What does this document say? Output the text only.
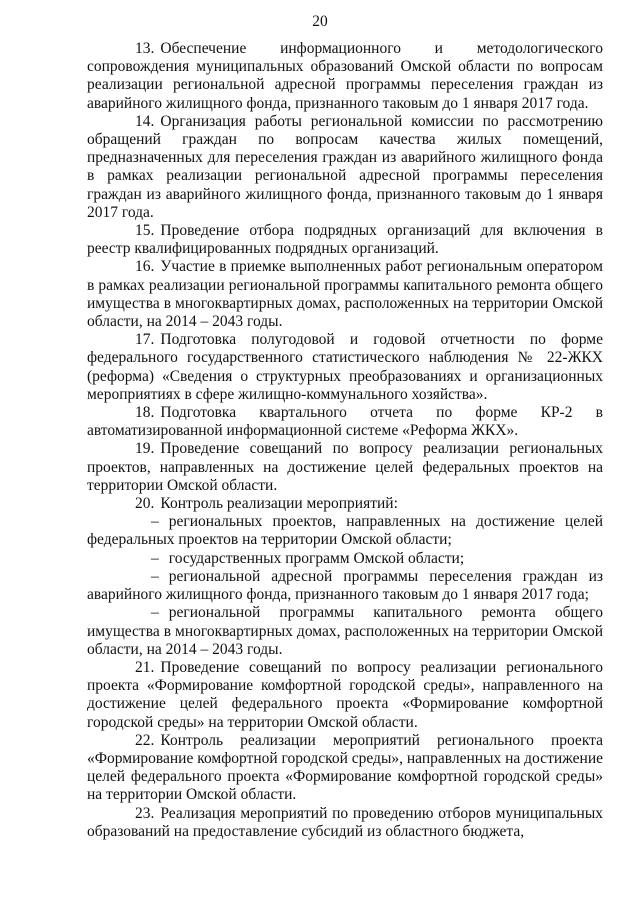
20

13. Обеспечение информационного и методологического сопровождения муниципальных образований Омской области по вопросам реализации региональной адресной программы переселения граждан из аварийного жилищного фонда, признанного таковым до 1 января 2017 года.

14. Организация работы региональной комиссии по рассмотрению обращений граждан по вопросам качества жилых помещений, предназначенных для переселения граждан из аварийного жилищного фонда в рамках реализации региональной адресной программы переселения граждан из аварийного жилищного фонда, признанного таковым до 1 января 2017 года.

15. Проведение отбора подрядных организаций для включения в реестр квалифицированных подрядных организаций.

16. Участие в приемке выполненных работ региональным оператором в рамках реализации региональной программы капитального ремонта общего имущества в многоквартирных домах, расположенных на территории Омской области, на 2014 – 2043 годы.

17. Подготовка полугодовой и годовой отчетности по форме федерального государственного статистического наблюдения № 22-ЖКХ (реформа) «Сведения о структурных преобразованиях и организационных мероприятиях в сфере жилищно-коммунального хозяйства».

18. Подготовка квартального отчета по форме КР-2 в автоматизированной информационной системе «Реформа ЖКХ».

19. Проведение совещаний по вопросу реализации региональных проектов, направленных на достижение целей федеральных проектов на территории Омской области.

20. Контроль реализации мероприятий:

– региональных проектов, направленных на достижение целей федеральных проектов на территории Омской области;

– государственных программ Омской области;

– региональной адресной программы переселения граждан из аварийного жилищного фонда, признанного таковым до 1 января 2017 года;

– региональной программы капитального ремонта общего имущества в многоквартирных домах, расположенных на территории Омской области, на 2014 – 2043 годы.

21. Проведение совещаний по вопросу реализации регионального проекта «Формирование комфортной городской среды», направленного на достижение целей федерального проекта «Формирование комфортной городской среды» на территории Омской области.

22. Контроль реализации мероприятий регионального проекта «Формирование комфортной городской среды», направленных на достижение целей федерального проекта «Формирование комфортной городской среды» на территории Омской области.

23. Реализация мероприятий по проведению отборов муниципальных образований на предоставление субсидий из областного бюджета,
